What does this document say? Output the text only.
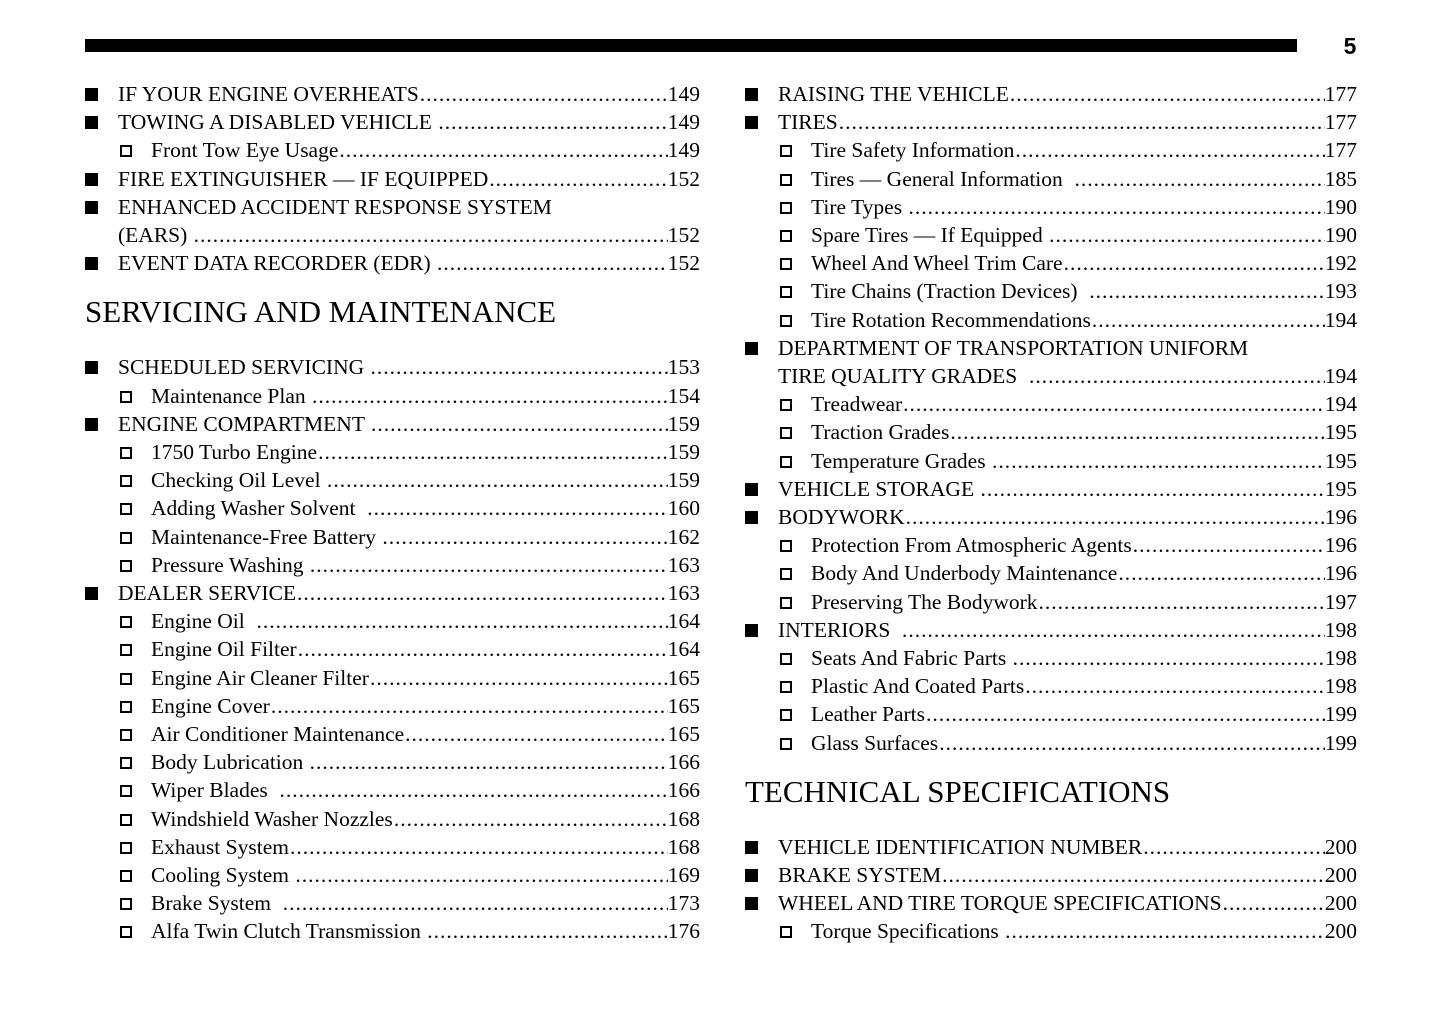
5
IF YOUR ENGINE OVERHEATS .....	149
TOWING A DISABLED VEHICLE .....	149
Front Tow Eye Usage .....	149
FIRE EXTINGUISHER — IF EQUIPPED .....	152
ENHANCED ACCIDENT RESPONSE SYSTEM
(EARS) .....	152
EVENT DATA RECORDER (EDR) .....	152
SERVICING AND MAINTENANCE
SCHEDULED SERVICING .....	153
Maintenance Plan .....	154
ENGINE COMPARTMENT .....	159
1750 Turbo Engine .....	159
Checking Oil Level .....	159
Adding Washer Solvent .....	160
Maintenance-Free Battery .....	162
Pressure Washing .....	163
DEALER SERVICE .....	163
Engine Oil .....	164
Engine Oil Filter .....	164
Engine Air Cleaner Filter .....	165
Engine Cover .....	165
Air Conditioner Maintenance .....	165
Body Lubrication .....	166
Wiper Blades .....	166
Windshield Washer Nozzles .....	168
Exhaust System .....	168
Cooling System .....	169
Brake System .....	173
Alfa Twin Clutch Transmission .....	176
RAISING THE VEHICLE .....	177
TIRES .....	177
Tire Safety Information .....	177
Tires — General Information .....	185
Tire Types .....	190
Spare Tires — If Equipped .....	190
Wheel And Wheel Trim Care .....	192
Tire Chains (Traction Devices) .....	193
Tire Rotation Recommendations .....	194
DEPARTMENT OF TRANSPORTATION UNIFORM
TIRE QUALITY GRADES .....	194
Treadwear .....	194
Traction Grades .....	195
Temperature Grades .....	195
VEHICLE STORAGE .....	195
BODYWORK .....	196
Protection From Atmospheric Agents .....	196
Body And Underbody Maintenance .....	196
Preserving The Bodywork .....	197
INTERIORS .....	198
Seats And Fabric Parts .....	198
Plastic And Coated Parts .....	198
Leather Parts .....	199
Glass Surfaces .....	199
TECHNICAL SPECIFICATIONS
VEHICLE IDENTIFICATION NUMBER .....	200
BRAKE SYSTEM .....	200
WHEEL AND TIRE TORQUE SPECIFICATIONS .....	200
Torque Specifications .....	200
